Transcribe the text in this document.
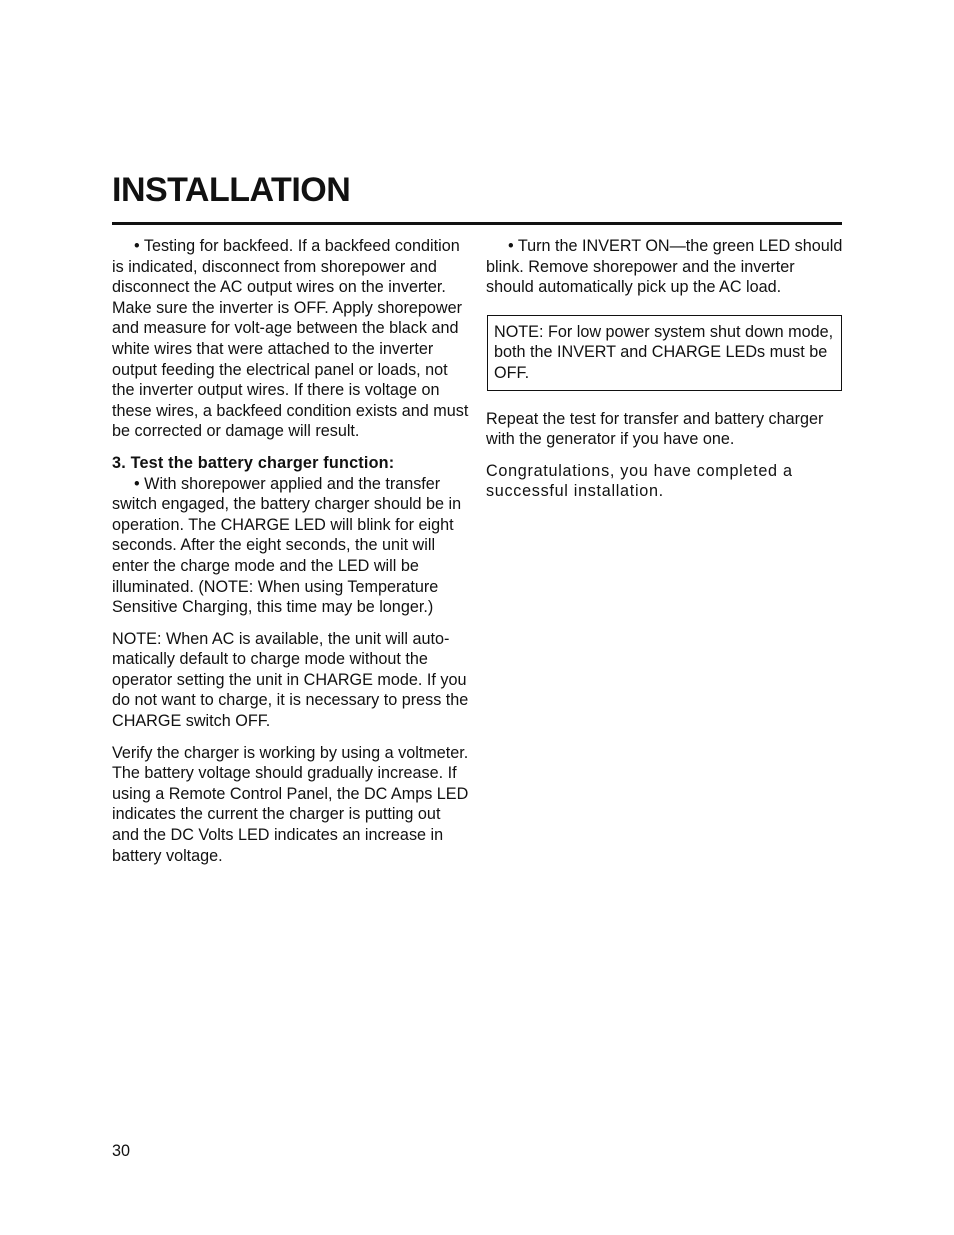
INSTALLATION

• Testing for backfeed. If a backfeed condition is indicated, disconnect from shorepower and disconnect the AC output wires on the inverter. Make sure the inverter is OFF. Apply shorepower and measure for volt-age between the black and white wires that were attached to the inverter output feeding the electrical panel or loads, not the inverter output wires. If there is voltage on these wires, a backfeed condition exists and must be corrected or damage will result.

3. Test the battery charger function:

• With shorepower applied and the transfer switch engaged, the battery charger should be in operation. The CHARGE LED will blink for eight seconds. After the eight seconds, the unit will enter the charge mode and the LED will be illuminated. (NOTE: When using Temperature Sensitive Charging, this time may be longer.)

NOTE: When AC is available, the unit will auto-matically default to charge mode without the operator setting the unit in CHARGE mode. If you do not want to charge, it is necessary to press the CHARGE switch OFF.

Verify the charger is working by using a voltmeter. The battery voltage should gradually increase. If using a Remote Control Panel, the DC Amps LED indicates the current the charger is putting out and the DC Volts LED indicates an increase in battery voltage.

• Turn the INVERT ON—the green LED should blink. Remove shorepower and the inverter should automatically pick up the AC load.

NOTE: For low power system shut down mode, both the INVERT and CHARGE LEDs must be OFF.

Repeat the test for transfer and battery charger with the generator if you have one.

Congratulations, you have completed a successful installation.

30
